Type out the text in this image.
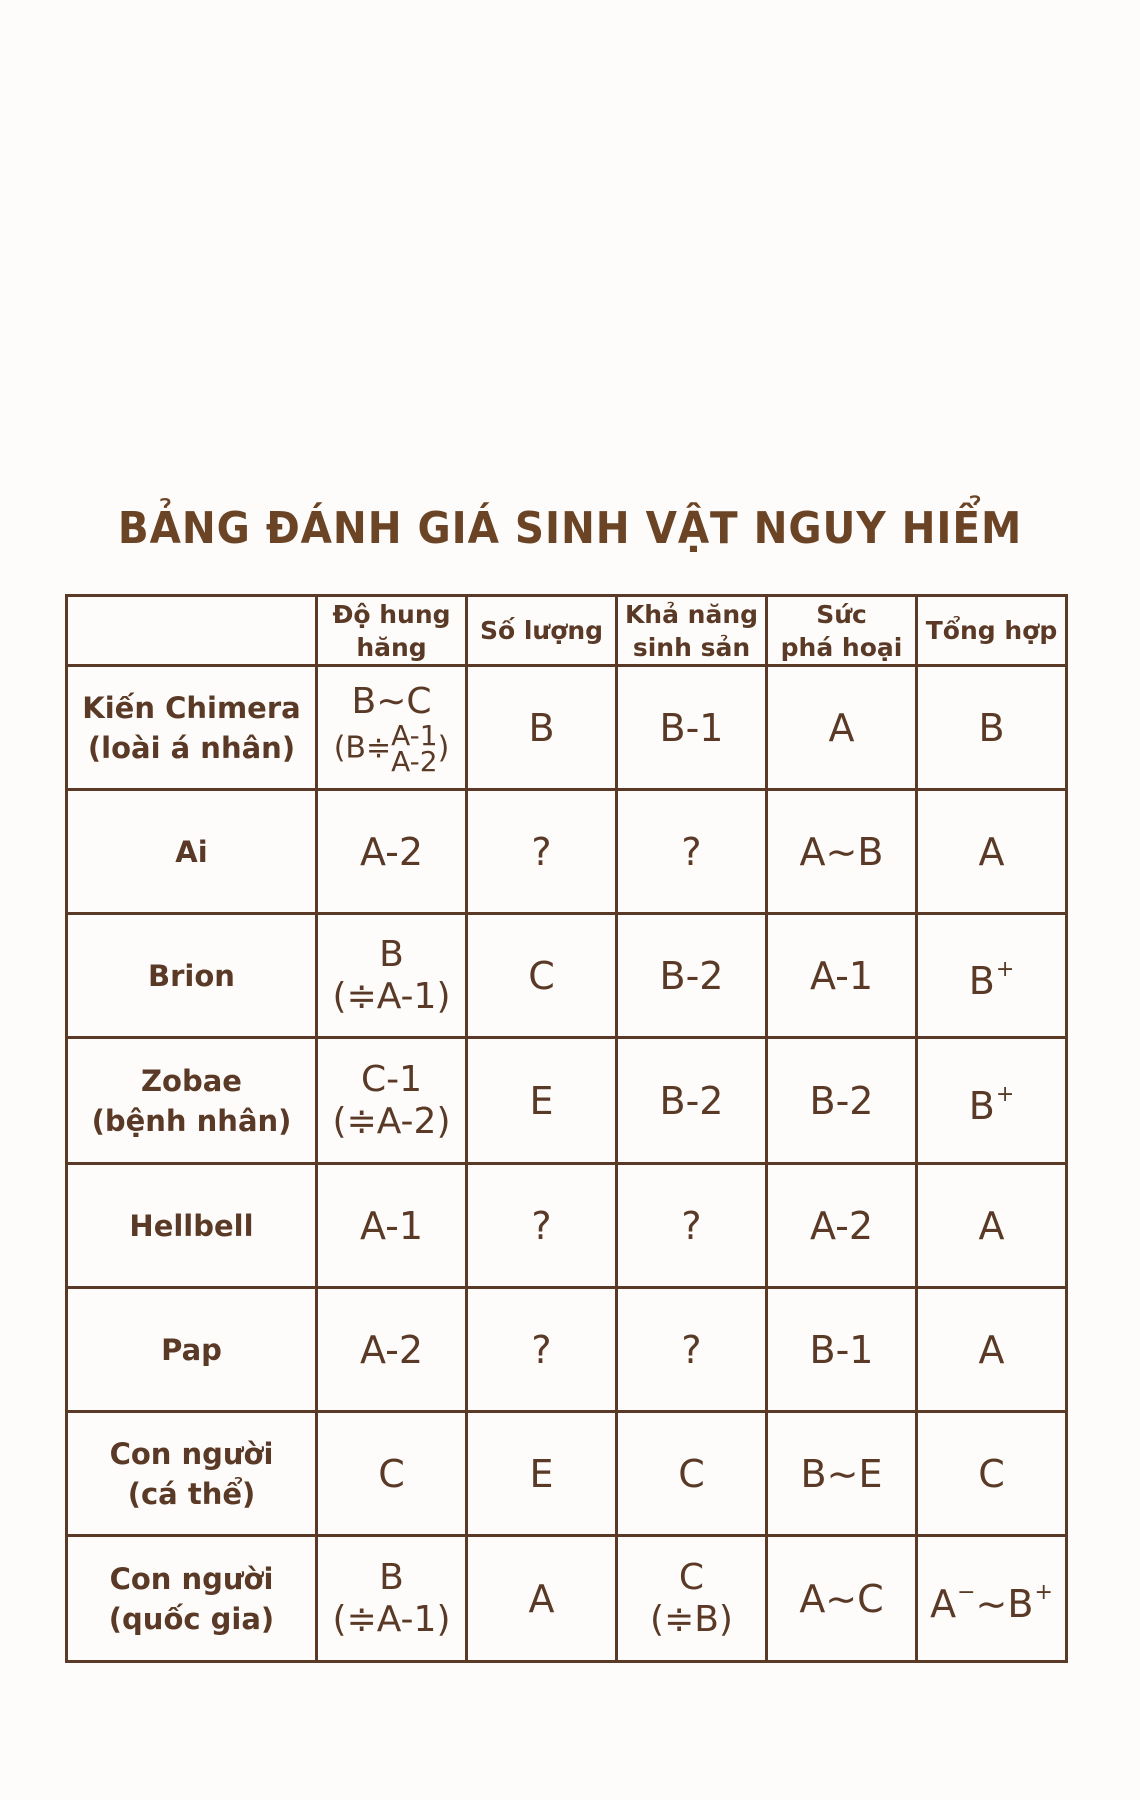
BẢNG ĐÁNH GIÁ SINH VẬT NGUY HIỂM

	Độ hung
hăng	Số lượng	Khả năng
sinh sản	Sức
phá hoại	Tổng hợp

Kiến Chimera
(loài á nhân)	B∼C
(B≑ A-1
A-2 )	B	B-1	A	B

Ai	A-2	?	?	A∼B	A

Brion	B
(≑A-1)	C	B-2	A-1	B+

Zobae
(bệnh nhân)	C-1
(≑A-2)	E	B-2	B-2	B+

Hellbell	A-1	?	?	A-2	A

Pap	A-2	?	?	B-1	A

Con người
(cá thể)	C	E	C	B∼E	C

Con người
(quốc gia)	B
(≑A-1)	A	C
(≑B)	A∼C	A−∼B+
